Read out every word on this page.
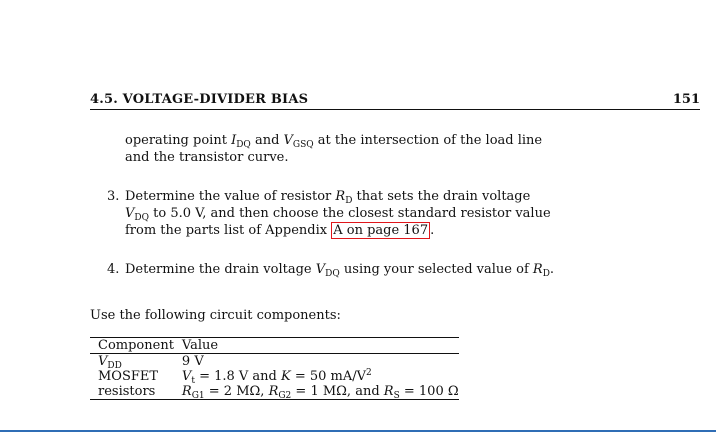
4.5. VOLTAGE-DIVIDER BIAS	151
operating point $I_{DQ}$ and $V_{GSQ}$ at the intersection of the load line and the transistor curve.
3. Determine the value of resistor $R_D$ that sets the drain voltage $V_{DQ}$ to 5.0 V, and then choose the closest standard resistor value from the parts list of Appendix A on page 167 .
4. Determine the drain voltage $V_{DQ}$ using your selected value of $R_D$.
Use the following circuit components:
Component	Value
$V_{DD}$	9 V
MOSFET	$V_t = 1.8$ V and K = 50 $mA/V^2$
resistors	$R_{G1} = 2$ MΩ, $R_{G2} = 1$ MΩ, and $R_S = 100$ Ω
